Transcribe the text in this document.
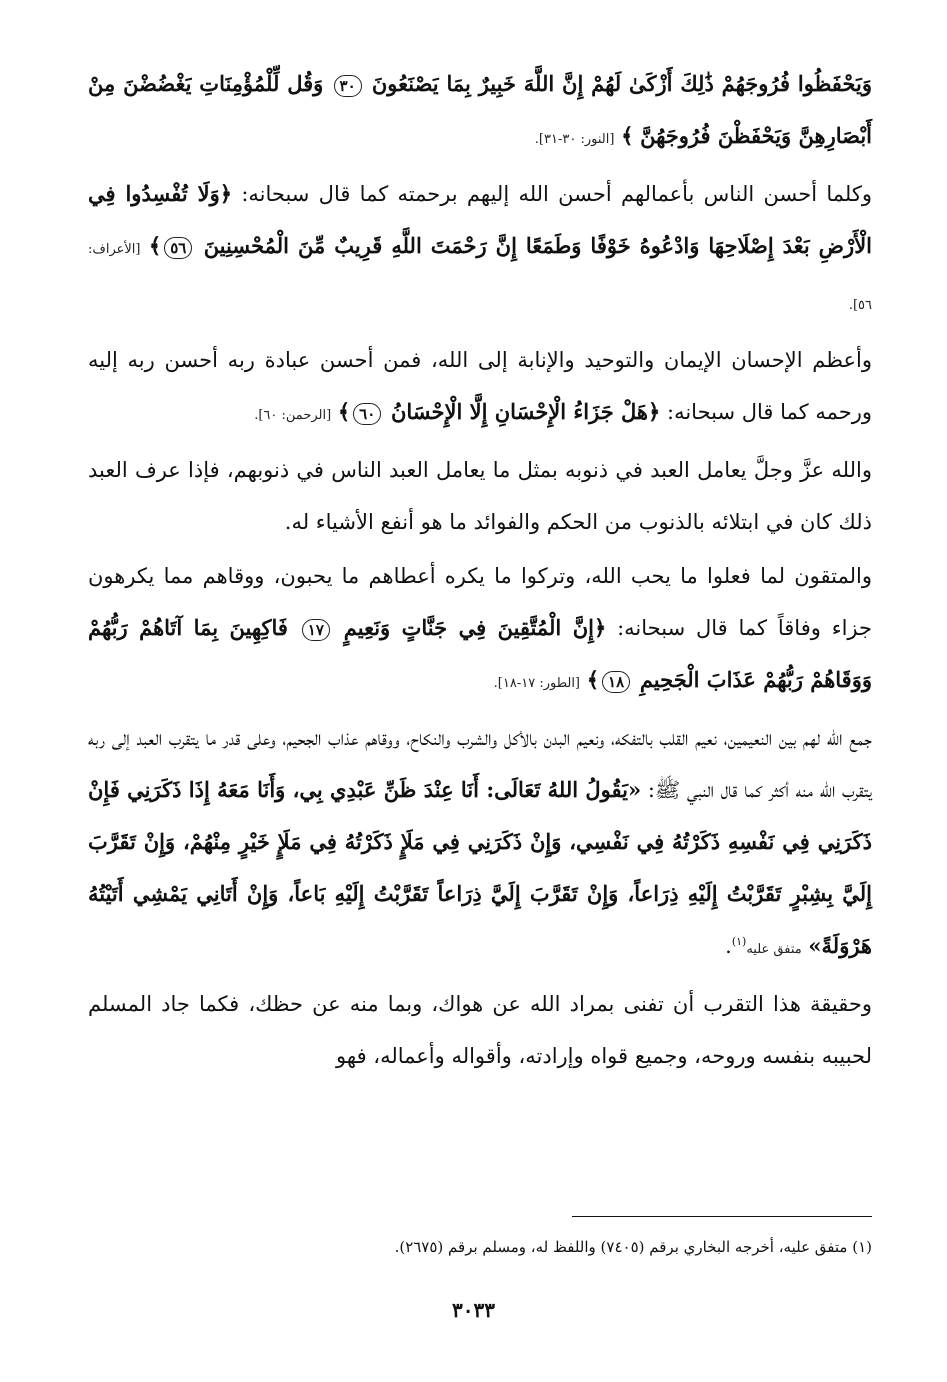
وَيَحْفَظُوا فُرُوجَهُمْ ذَٰلِكَ أَزْكَىٰ لَهُمْ إِنَّ اللَّهَ خَبِيرٌ بِمَا يَصْنَعُونَ ٣٠ وَقُل لِّلْمُؤْمِنَاتِ يَغْضُضْنَ مِنْ أَبْصَارِهِنَّ وَيَحْفَظْنَ فُرُوجَهُنَّ ﴾ [النور: ٣٠-٣١].

وكلما أحسن الناس بأعمالهم أحسن الله إليهم برحمته كما قال سبحانه: ﴿وَلَا تُفْسِدُوا فِي الْأَرْضِ بَعْدَ إِصْلَاحِهَا وَادْعُوهُ خَوْفًا وَطَمَعًا إِنَّ رَحْمَتَ اللَّهِ قَرِيبٌ مِّنَ الْمُحْسِنِينَ ٥٦﴾ [الأعراف: ٥٦].

وأعظم الإحسان الإيمان والتوحيد والإنابة إلى الله، فمن أحسن عبادة ربه أحسن ربه إليه ورحمه كما قال سبحانه: ﴿هَلْ جَزَاءُ الْإِحْسَانِ إِلَّا الْإِحْسَانُ ٦٠﴾ [الرحمن: ٦٠].

والله عزَّ وجلَّ يعامل العبد في ذنوبه بمثل ما يعامل العبد الناس في ذنوبهم، فإذا عرف العبد ذلك كان في ابتلائه بالذنوب من الحكم والفوائد ما هو أنفع الأشياء له.

والمتقون لما فعلوا ما يحب الله، وتركوا ما يكره أعطاهم ما يحبون، ووقاهم مما يكرهون جزاء وفاقاً كما قال سبحانه: ﴿إِنَّ الْمُتَّقِينَ فِي جَنَّاتٍ وَنَعِيمٍ ١٧ فَاكِهِينَ بِمَا آتَاهُمْ رَبُّهُمْ وَوَقَاهُمْ رَبُّهُمْ عَذَابَ الْجَحِيمِ ١٨﴾ [الطور: ١٧-١٨].

جمع الله لهم بين النعيمين، نعيم القلب بالتفكه، ونعيم البدن بالأكل والشرب والنكاح، ووقاهم عذاب الجحيم، وعلى قدر ما يتقرب العبد إلى ربه يتقرب الله منه أكثر كما قال النبي ﷺ: «يَقُولُ اللهُ تَعَالَى: أَنَا عِنْدَ ظَنِّ عَبْدِي بِي، وَأَنَا مَعَهُ إِذَا ذَكَرَنِي فَإِنْ ذَكَرَنِي فِي نَفْسِهِ ذَكَرْتُهُ فِي نَفْسِي، وَإِنْ ذَكَرَنِي فِي مَلَإٍ ذَكَرْتُهُ فِي مَلَإٍ خَيْرٍ مِنْهُمْ، وَإِنْ تَقَرَّبَ إِلَيَّ بِشِبْرٍ تَقَرَّبْتُ إِلَيْهِ ذِرَاعاً، وَإِنْ تَقَرَّبَ إِلَيَّ ذِرَاعاً تَقَرَّبْتُ إِلَيْهِ بَاعاً، وَإِنْ أَتَانِي يَمْشِي أَتَيْتُهُ هَرْوَلَةً» متفق عليه$^{(١)}$.

وحقيقة هذا التقرب أن تفنى بمراد الله عن هواك، وبما منه عن حظك، فكما جاد المسلم لحبيبه بنفسه وروحه، وجميع قواه وإرادته، وأقواله وأعماله، فهو

(١) متفق عليه، أخرجه البخاري برقم (٧٤٠٥) واللفظ له، ومسلم برقم (٢٦٧٥).
٣٠٣٣
